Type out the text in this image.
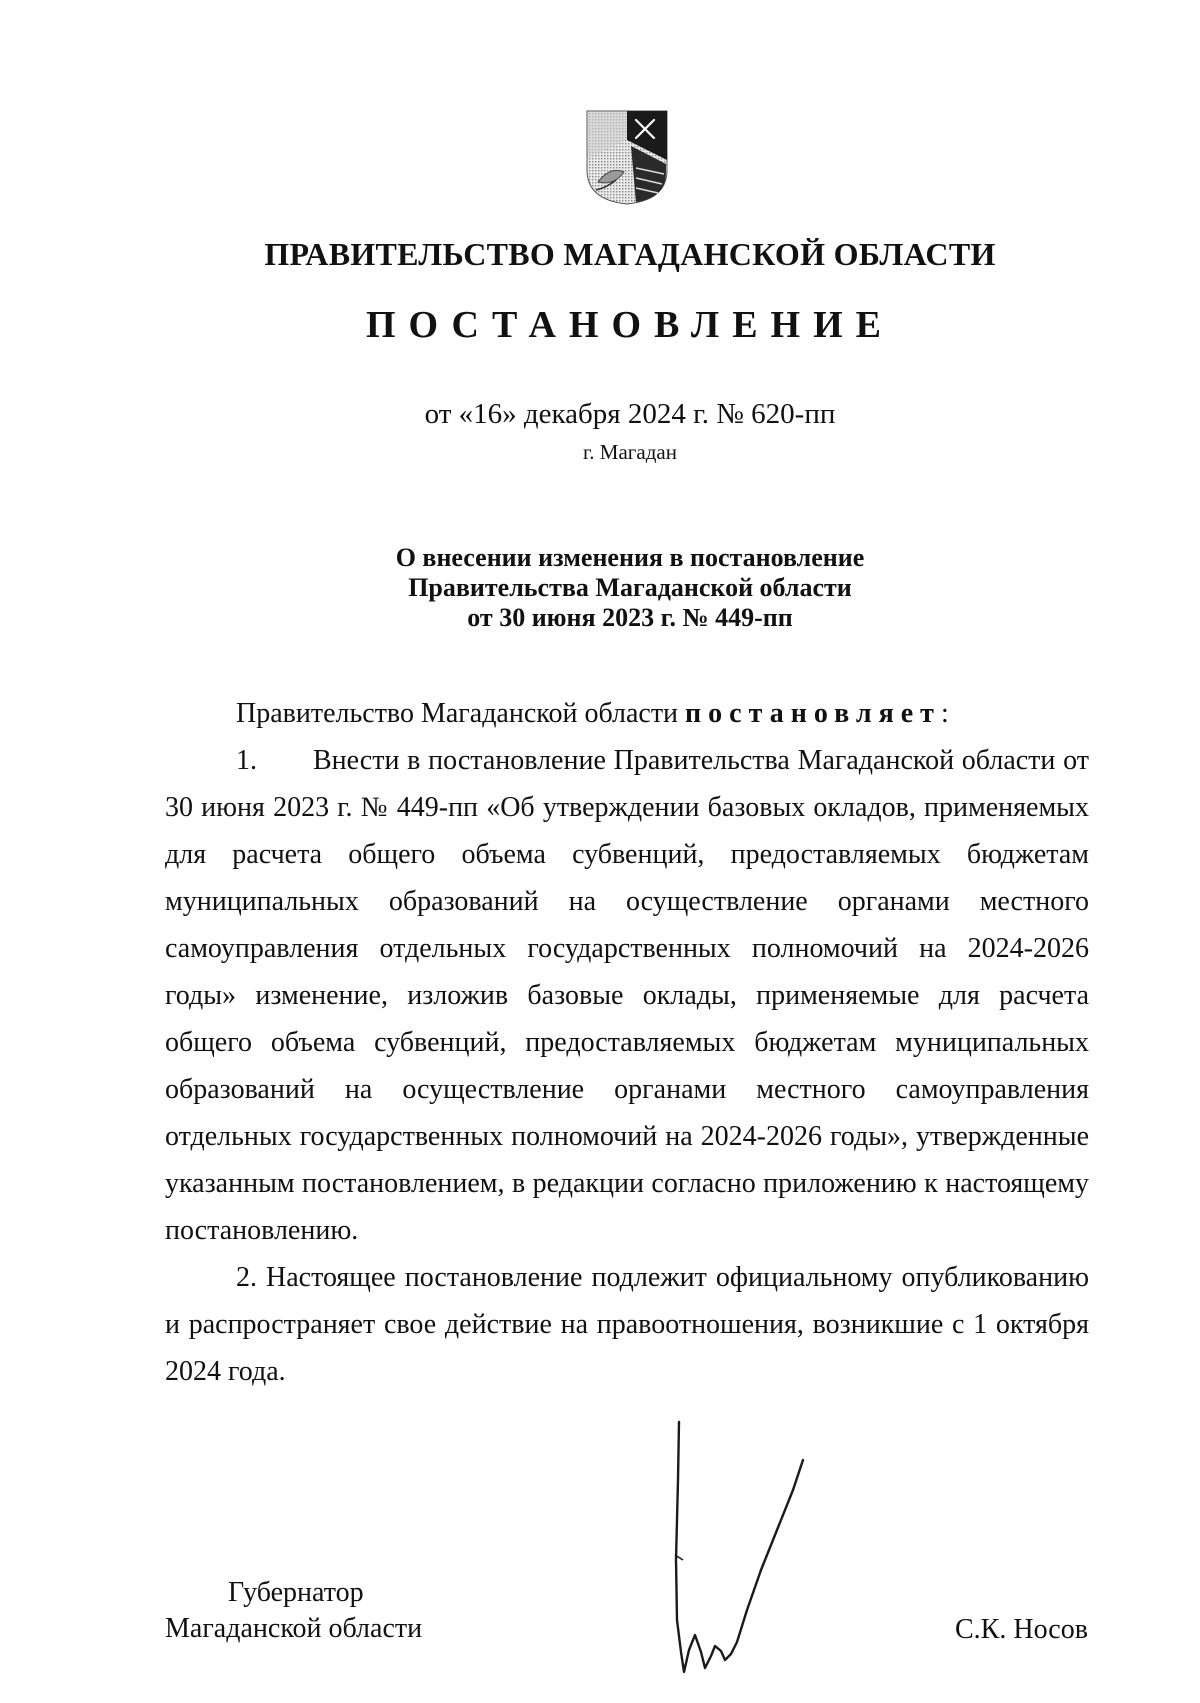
ПРАВИТЕЛЬСТВО МАГАДАНСКОЙ ОБЛАСТИ
ПОСТАНОВЛЕНИЕ
от «16» декабря 2024 г. № 620-пп
г. Магадан
О внесении изменения в постановление
Правительства Магаданской области
от 30 июня 2023 г. № 449-пп

Правительство Магаданской области постановляет:

1. Внести в постановление Правительства Магаданской области от 30 июня 2023 г. № 449-пп «Об утверждении базовых окладов, применяемых для расчета общего объема субвенций, предоставляемых бюджетам муниципальных образований на осуществление органами местного самоуправления отдельных государственных полномочий на 2024-2026 годы» изменение, изложив базовые оклады, применяемые для расчета общего объема субвенций, предоставляемых бюджетам муниципальных образований на осуществление органами местного самоуправления отдельных государственных полномочий на 2024-2026 годы», утвержденные указанным постановлением, в редакции согласно приложению к настоящему постановлению.

2. Настоящее постановление подлежит официальному опубликованию и распространяет свое действие на правоотношения, возникшие с 1 октября 2024 года.

Губернатор
Магаданской области	С.К. Носов
